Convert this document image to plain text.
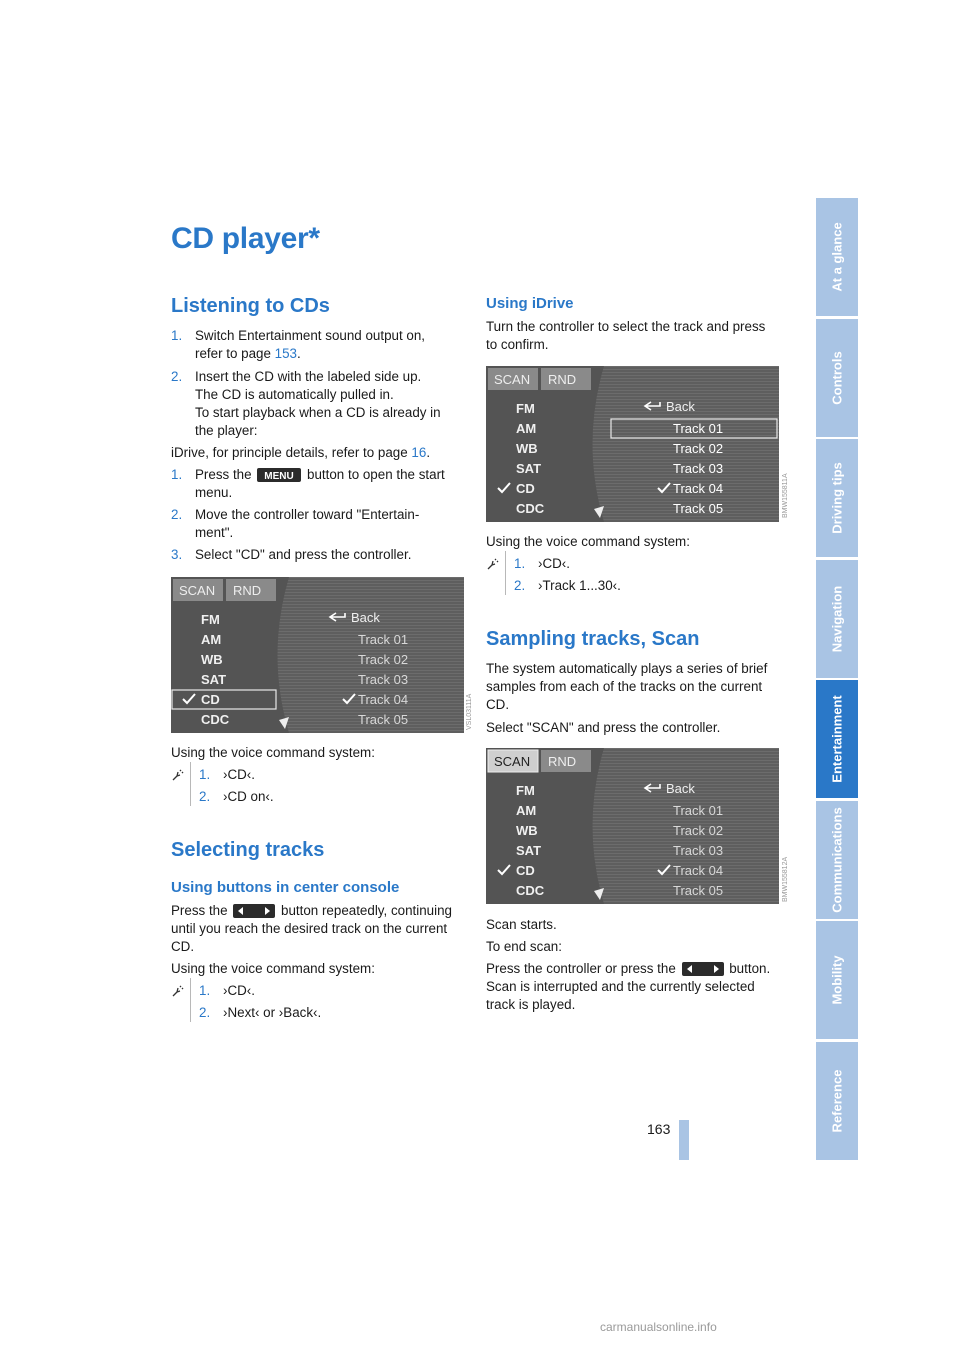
CD player*
Listening to CDs
1. Switch Entertainment sound output on,
refer to page 153.
2. Insert the CD with the labeled side up.
The CD is automatically pulled in.
To start playback when a CD is already in
the player:
iDrive, for principle details, refer to page 16.
1. Press the MENU button to open the start
menu.
2. Move the controller toward "Entertain-
ment".
3. Select "CD" and press the controller.
SCAN RND
FM
AM
WB
SAT
CD
CDC
Back
Track 01
Track 02
Track 03
Track 04
Track 05	VSL03111A
Using the voice command system:
1. ›CD‹.
2. ›CD on‹.
Selecting tracks
Using buttons in center console
Press the	button repeatedly, continuing
until you reach the desired track on the current
CD.
Using the voice command system:
1. ›CD‹.
2. ›Next‹ or ›Back‹.
Using iDrive
Turn the controller to select the track and press
to confirm.
SCAN RND
FM
AM
WB
SAT
CD
CDC
Back
Track 01
Track 02
Track 03
Track 04
Track 05	BMW155811A
Using the voice command system:
1. ›CD‹.
2. ›Track 1...30‹.
Sampling tracks, Scan
The system automatically plays a series of brief
samples from each of the tracks on the current
CD.
Select "SCAN" and press the controller.
SCAN RND
FM
AM
WB
SAT
CD
CDC
Back
Track 01
Track 02
Track 03
Track 04
Track 05	BMW155812A
Scan starts.
To end scan:
Press the controller or press the	button.
Scan is interrupted and the currently selected
track is played.
At a glance
Controls
Driving tips
Navigation
Entertainment
Communications
Mobility
Reference
163
carmanualsonline.info
